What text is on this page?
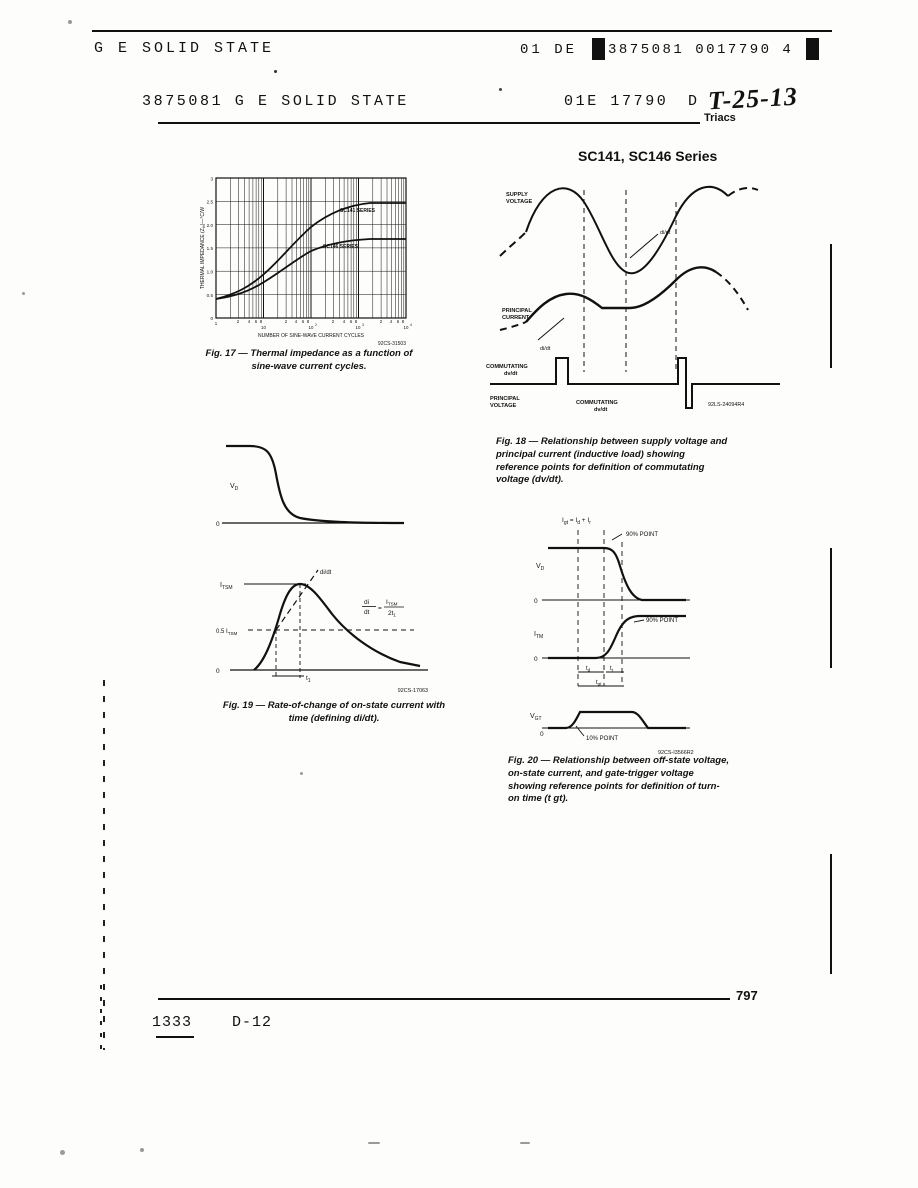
G E SOLID STATE	01 DE 3875081 0017790 4
3875081 G E SOLID STATE	01E 17790 D T-25-13
Triacs
SC141, SC146 Series
3
2.5
2.0
1.5
1.0
0.5
0
1	2 4 6 8
10
2 4 6 8
10 2
2 4 6 8
10 3
2 4 6 8
10 4
NUMBER OF SINE-WAVE CURRENT CYCLES
THERMAL IMPEDANCE $(Z_{th})—^\circ C/W$	SC141 SERIES
SC146 SERIES
92CS-31503
Fig. 17 — Thermal impedance as a function of sine-wave current cycles.
di/dt
di/dt
SUPPLY
VOLTAGE
PRINCIPAL
CURRENT
COMMUTATING
dv/dt
PRINCIPAL
VOLTAGE	COMMUTATING
dv/dt
92LS-24094R4
Fig. 18 — Relationship between supply voltage and principal current (inductive load) showing reference points for definition of commutating voltage (dv/dt).
$V_D$
0
di/dt
$I_{TSM}$
0.5 $I_{TSM}$
$t_1$
0
di
dt
=
$I_{TSM}$
$2t_1$
92CS-17063
Fig. 19 — Rate-of-change of on-state current with time (defining di/dt).
$I_{gt} = I_d + I_r$
$V_D$
0
90% POINT
$I_{TM}$
0
90% POINT
$t_d$	$t_r$
$t_{gt}$
$V_{GT}$
0
10% POINT
92CS-I3566R2
Fig. 20 — Relationship between off-state voltage, on-state current, and gate-trigger voltage showing reference points for definition of turn-on time (t gt).
797
1333	D-12
